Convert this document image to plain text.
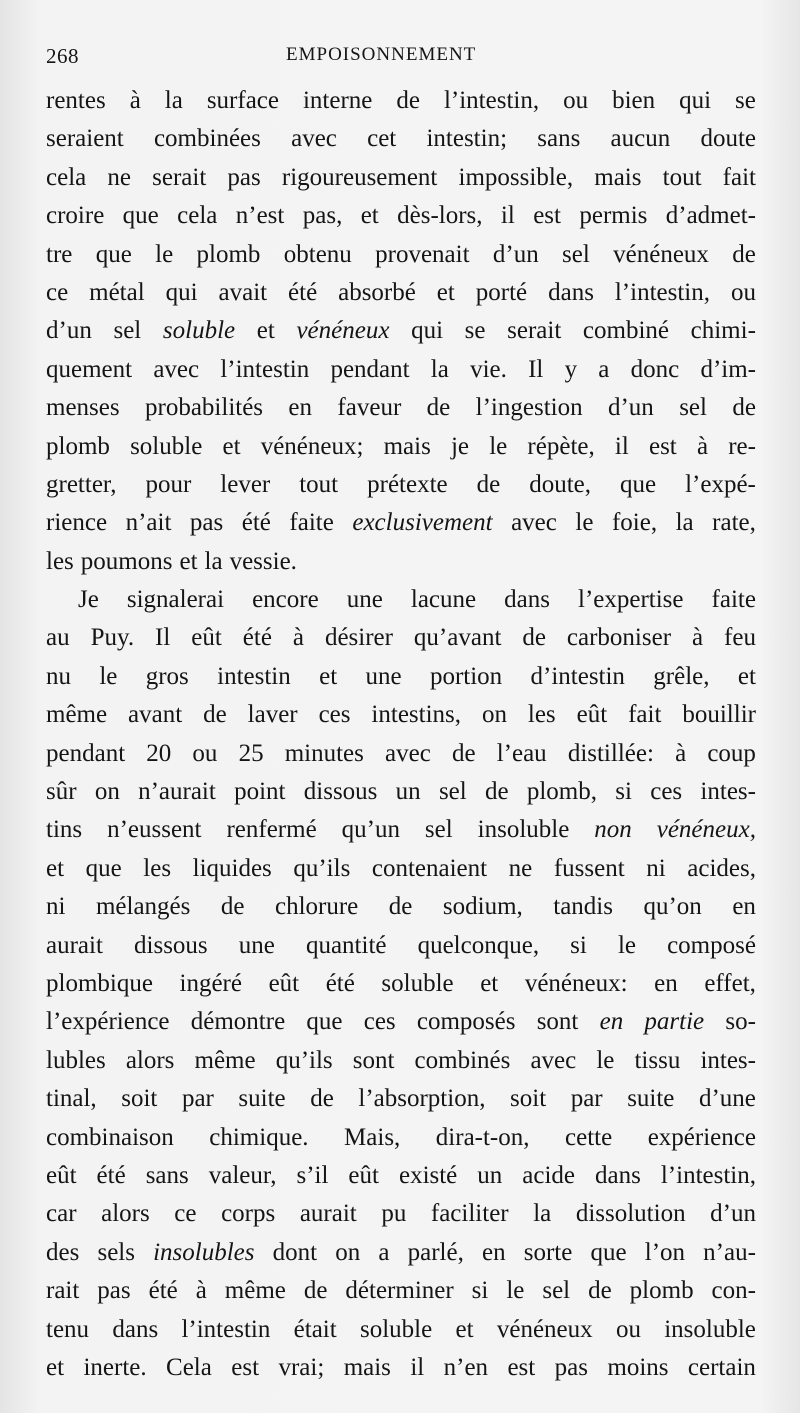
268	EMPOISONNEMENT
rentes à la surface interne de l’intestin, ou bien qui se
seraient combinées avec cet intestin; sans aucun doute
cela ne serait pas rigoureusement impossible, mais tout fait
croire que cela n’est pas, et dès-lors, il est permis d’admet-
tre que le plomb obtenu provenait d’un sel vénéneux de
ce métal qui avait été absorbé et porté dans l’intestin, ou
d’un sel soluble et vénéneux qui se serait combiné chimi-
quement avec l’intestin pendant la vie. Il y a donc d’im-
menses probabilités en faveur de l’ingestion d’un sel de
plomb soluble et vénéneux; mais je le répète, il est à re-
gretter, pour lever tout prétexte de doute, que l’expé-
rience n’ait pas été faite exclusivement avec le foie, la rate,
les poumons et la vessie.
Je signalerai encore une lacune dans l’expertise faite
au Puy. Il eût été à désirer qu’avant de carboniser à feu
nu le gros intestin et une portion d’intestin grêle, et
même avant de laver ces intestins, on les eût fait bouillir
pendant 20 ou 25 minutes avec de l’eau distillée: à coup
sûr on n’aurait point dissous un sel de plomb, si ces intes-
tins n’eussent renfermé qu’un sel insoluble non vénéneux,
et que les liquides qu’ils contenaient ne fussent ni acides,
ni mélangés de chlorure de sodium, tandis qu’on en
aurait dissous une quantité quelconque, si le composé
plombique ingéré eût été soluble et vénéneux: en effet,
l’expérience démontre que ces composés sont en partie so-
lubles alors même qu’ils sont combinés avec le tissu intes-
tinal, soit par suite de l’absorption, soit par suite d’une
combinaison chimique. Mais, dira-t-on, cette expérience
eût été sans valeur, s’il eût existé un acide dans l’intestin,
car alors ce corps aurait pu faciliter la dissolution d’un
des sels insolubles dont on a parlé, en sorte que l’on n’au-
rait pas été à même de déterminer si le sel de plomb con-
tenu dans l’intestin était soluble et vénéneux ou insoluble
et inerte. Cela est vrai; mais il n’en est pas moins certain
